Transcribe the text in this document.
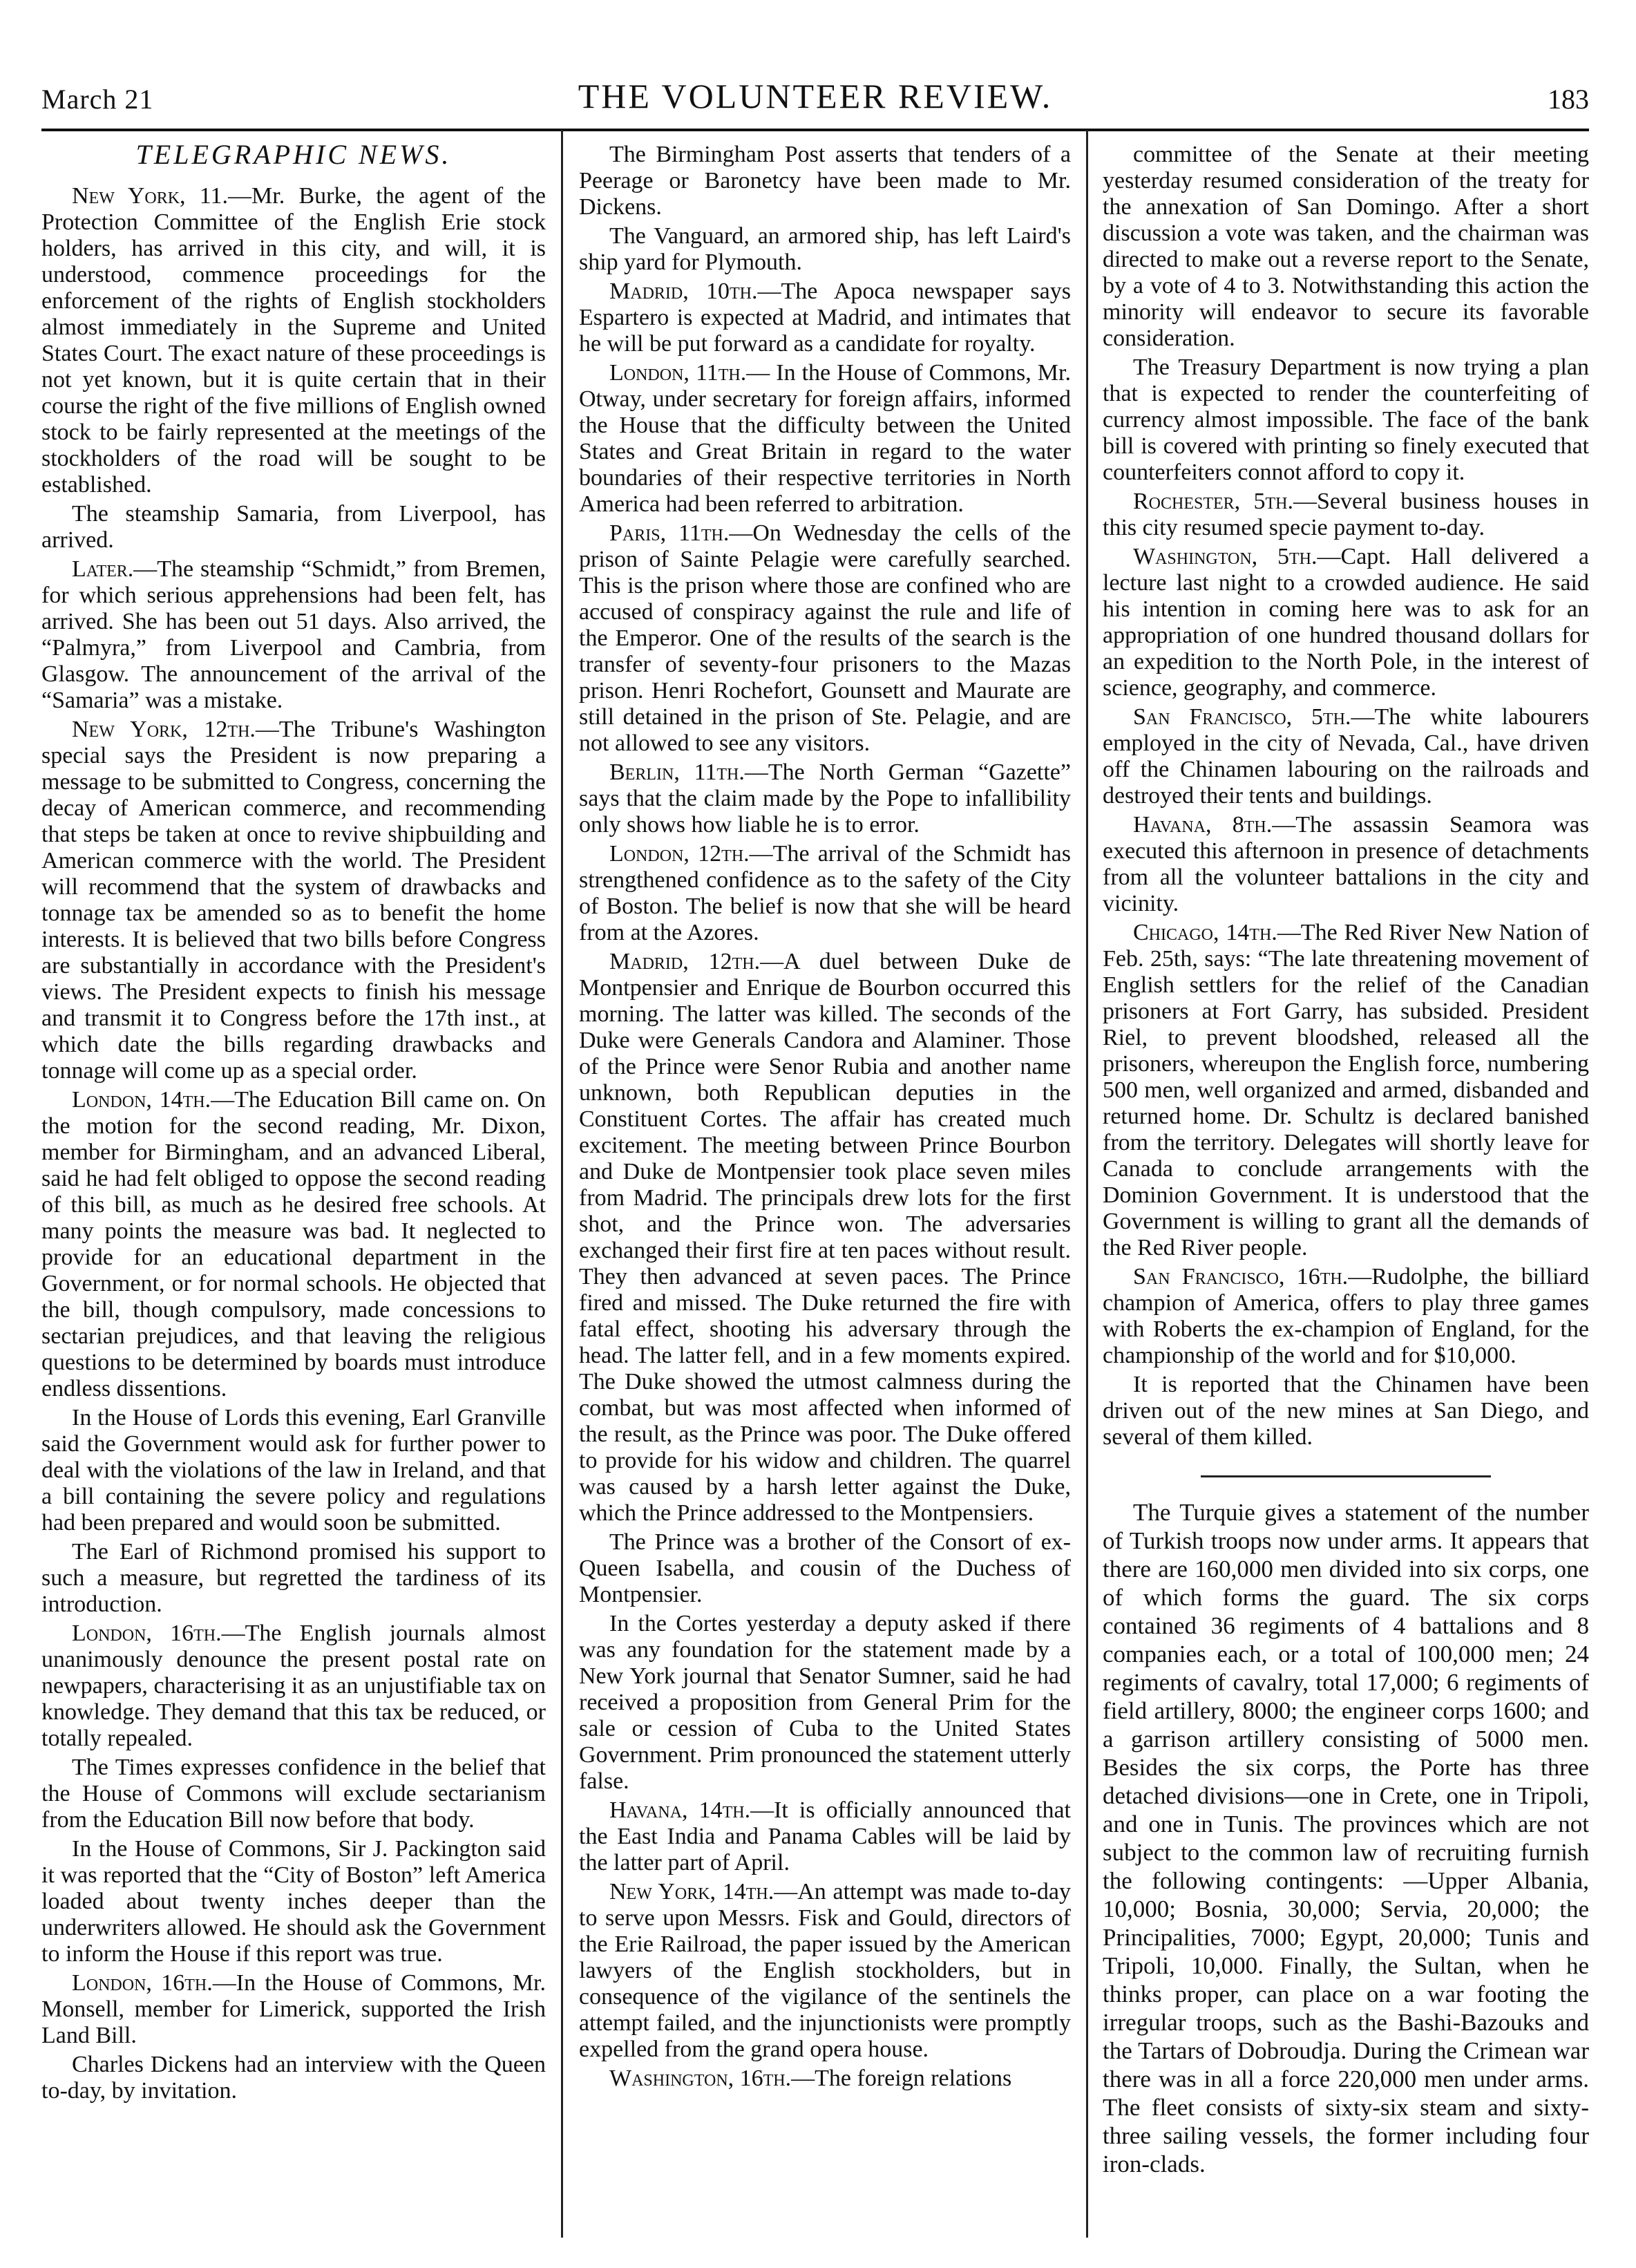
March 21	THE VOLUNTEER REVIEW.	183
TELEGRAPHIC NEWS.

New York, 11.—Mr. Burke, the agent of the Protection Committee of the English Erie stock holders, has arrived in this city, and will, it is understood, commence proceedings for the enforcement of the rights of English stockholders almost immediately in the Supreme and United States Court. The exact nature of these proceedings is not yet known, but it is quite certain that in their course the right of the five millions of English owned stock to be fairly represented at the meetings of the stockholders of the road will be sought to be established.

The steamship Samaria, from Liverpool, has arrived.

Later.—The steamship “Schmidt,” from Bremen, for which serious apprehensions had been felt, has arrived. She has been out 51 days. Also arrived, the “Palmyra,” from Liverpool and Cambria, from Glasgow. The announcement of the arrival of the “Samaria” was a mistake.

New York, 12th.—The Tribune's Washington special says the President is now preparing a message to be submitted to Congress, concerning the decay of American commerce, and recommending that steps be taken at once to revive shipbuilding and American commerce with the world. The President will recommend that the system of drawbacks and tonnage tax be amended so as to benefit the home interests. It is believed that two bills before Congress are substantially in accordance with the President's views. The President expects to finish his message and transmit it to Congress before the 17th inst., at which date the bills regarding drawbacks and tonnage will come up as a special order.

London, 14th.—The Education Bill came on. On the motion for the second reading, Mr. Dixon, member for Birmingham, and an advanced Liberal, said he had felt obliged to oppose the second reading of this bill, as much as he desired free schools. At many points the measure was bad. It neglected to provide for an educational department in the Government, or for normal schools. He objected that the bill, though compulsory, made concessions to sectarian prejudices, and that leaving the religious questions to be determined by boards must introduce endless dissentions.

In the House of Lords this evening, Earl Granville said the Government would ask for further power to deal with the violations of the law in Ireland, and that a bill containing the severe policy and regulations had been prepared and would soon be submitted.

The Earl of Richmond promised his support to such a measure, but regretted the tardiness of its introduction.

London, 16th.—The English journals almost unanimously denounce the present postal rate on newpapers, characterising it as an unjustifiable tax on knowledge. They demand that this tax be reduced, or totally repealed.

The Times expresses confidence in the belief that the House of Commons will exclude sectarianism from the Education Bill now before that body.

In the House of Commons, Sir J. Packington said it was reported that the “City of Boston” left America loaded about twenty inches deeper than the underwriters allowed. He should ask the Government to inform the House if this report was true.

London, 16th.—In the House of Commons, Mr. Monsell, member for Limerick, supported the Irish Land Bill.

Charles Dickens had an interview with the Queen to-day, by invitation.

The Birmingham Post asserts that tenders of a Peerage or Baronetcy have been made to Mr. Dickens.

The Vanguard, an armored ship, has left Laird's ship yard for Plymouth.

Madrid, 10th.—The Apoca newspaper says Espartero is expected at Madrid, and intimates that he will be put forward as a candidate for royalty.

London, 11th.— In the House of Commons, Mr. Otway, under secretary for foreign affairs, informed the House that the difficulty between the United States and Great Britain in regard to the water boundaries of their respective territories in North America had been referred to arbitration.

Paris, 11th.—On Wednesday the cells of the prison of Sainte Pelagie were carefully searched. This is the prison where those are confined who are accused of conspiracy against the rule and life of the Emperor. One of the results of the search is the transfer of seventy-four prisoners to the Mazas prison. Henri Rochefort, Gounsett and Maurate are still detained in the prison of Ste. Pelagie, and are not allowed to see any visitors.

Berlin, 11th.—The North German “Gazette” says that the claim made by the Pope to infallibility only shows how liable he is to error.

London, 12th.—The arrival of the Schmidt has strengthened confidence as to the safety of the City of Boston. The belief is now that she will be heard from at the Azores.

Madrid, 12th.—A duel between Duke de Montpensier and Enrique de Bourbon occurred this morning. The latter was killed. The seconds of the Duke were Generals Candora and Alaminer. Those of the Prince were Senor Rubia and another name unknown, both Republican deputies in the Constituent Cortes. The affair has created much excitement. The meeting between Prince Bourbon and Duke de Montpensier took place seven miles from Madrid. The principals drew lots for the first shot, and the Prince won. The adversaries exchanged their first fire at ten paces without result. They then advanced at seven paces. The Prince fired and missed. The Duke returned the fire with fatal effect, shooting his adversary through the head. The latter fell, and in a few moments expired. The Duke showed the utmost calmness during the combat, but was most affected when informed of the result, as the Prince was poor. The Duke offered to provide for his widow and children. The quarrel was caused by a harsh letter against the Duke, which the Prince addressed to the Montpensiers.

The Prince was a brother of the Consort of ex-Queen Isabella, and cousin of the Duchess of Montpensier.

In the Cortes yesterday a deputy asked if there was any foundation for the statement made by a New York journal that Senator Sumner, said he had received a proposition from General Prim for the sale or cession of Cuba to the United States Government. Prim pronounced the statement utterly false.

Havana, 14th.—It is officially announced that the East India and Panama Cables will be laid by the latter part of April.

New York, 14th.—An attempt was made to-day to serve upon Messrs. Fisk and Gould, directors of the Erie Railroad, the paper issued by the American lawyers of the English stockholders, but in consequence of the vigilance of the sentinels the attempt failed, and the injunctionists were promptly expelled from the grand opera house.

Washington, 16th.—The foreign relations

committee of the Senate at their meeting yesterday resumed consideration of the treaty for the annexation of San Domingo. After a short discussion a vote was taken, and the chairman was directed to make out a reverse report to the Senate, by a vote of 4 to 3. Notwithstanding this action the minority will endeavor to secure its favorable consideration.

The Treasury Department is now trying a plan that is expected to render the counterfeiting of currency almost impossible. The face of the bank bill is covered with printing so finely executed that counterfeiters connot afford to copy it.

Rochester, 5th.—Several business houses in this city resumed specie payment to-day.

Washington, 5th.—Capt. Hall delivered a lecture last night to a crowded audience. He said his intention in coming here was to ask for an appropriation of one hundred thousand dollars for an expedition to the North Pole, in the interest of science, geography, and commerce.

San Francisco, 5th.—The white labourers employed in the city of Nevada, Cal., have driven off the Chinamen labouring on the railroads and destroyed their tents and buildings.

Havana, 8th.—The assassin Seamora was executed this afternoon in presence of detachments from all the volunteer battalions in the city and vicinity.

Chicago, 14th.—The Red River New Nation of Feb. 25th, says: “The late threatening movement of English settlers for the relief of the Canadian prisoners at Fort Garry, has subsided. President Riel, to prevent bloodshed, released all the prisoners, whereupon the English force, numbering 500 men, well organized and armed, disbanded and returned home. Dr. Schultz is declared banished from the territory. Delegates will shortly leave for Canada to conclude arrangements with the Dominion Government. It is understood that the Government is willing to grant all the demands of the Red River people.

San Francisco, 16th.—Rudolphe, the billiard champion of America, offers to play three games with Roberts the ex-champion of England, for the championship of the world and for $10,000.

It is reported that the Chinamen have been driven out of the new mines at San Diego, and several of them killed.

The Turquie gives a statement of the number of Turkish troops now under arms. It appears that there are 160,000 men divided into six corps, one of which forms the guard. The six corps contained 36 regiments of 4 battalions and 8 companies each, or a total of 100,000 men; 24 regiments of cavalry, total 17,000; 6 regiments of field artillery, 8000; the engineer corps 1600; and a garrison artillery consisting of 5000 men. Besides the six corps, the Porte has three detached divisions—one in Crete, one in Tripoli, and one in Tunis. The provinces which are not subject to the common law of recruiting furnish the following contingents: —Upper Albania, 10,000; Bosnia, 30,000; Servia, 20,000; the Principalities, 7000; Egypt, 20,000; Tunis and Tripoli, 10,000. Finally, the Sultan, when he thinks proper, can place on a war footing the irregular troops, such as the Bashi-Bazouks and the Tartars of Dobroudja. During the Crimean war there was in all a force 220,000 men under arms. The fleet consists of sixty-six steam and sixty-three sailing vessels, the former including four iron-clads.
